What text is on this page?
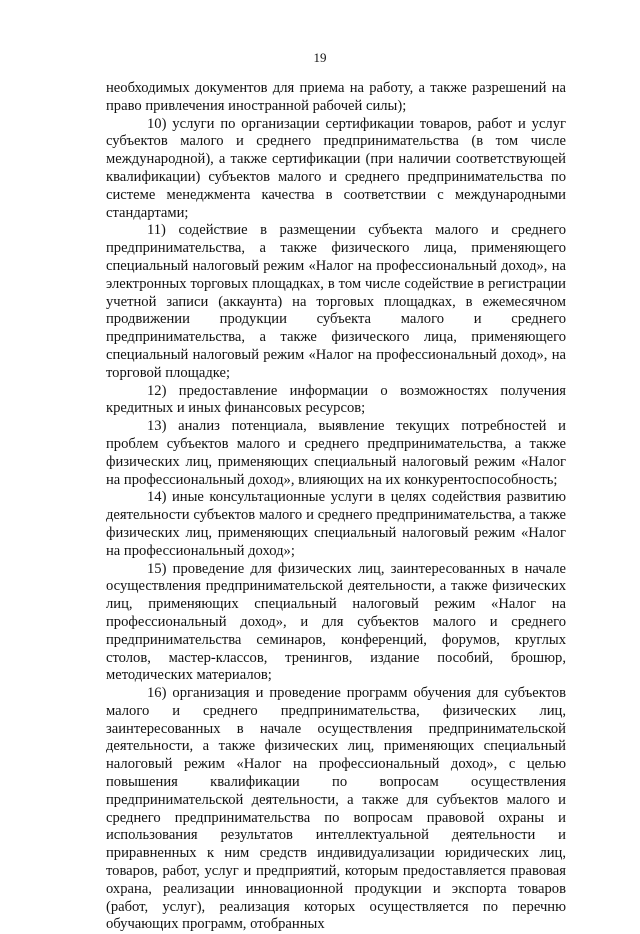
19

необходимых документов для приема на работу, а также разрешений на право привлечения иностранной рабочей силы);

10) услуги по организации сертификации товаров, работ и услуг субъектов малого и среднего предпринимательства (в том числе международной), а также сертификации (при наличии соответствующей квалификации) субъектов малого и среднего предпринимательства по системе менеджмента качества в соответствии с международными стандартами;

11) содействие в размещении субъекта малого и среднего предпринимательства, а также физического лица, применяющего специальный налоговый режим «Налог на профессиональный доход», на электронных торговых площадках, в том числе содействие в регистрации учетной записи (аккаунта) на торговых площадках, в ежемесячном продвижении продукции субъекта малого и среднего предпринимательства, а также физического лица, применяющего специальный налоговый режим «Налог на профессиональный доход», на торговой площадке;

12) предоставление информации о возможностях получения кредитных и иных финансовых ресурсов;

13) анализ потенциала, выявление текущих потребностей и проблем субъектов малого и среднего предпринимательства, а также физических лиц, применяющих специальный налоговый режим «Налог на профессиональный доход», влияющих на их конкурентоспособность;

14) иные консультационные услуги в целях содействия развитию деятельности субъектов малого и среднего предпринимательства, а также физических лиц, применяющих специальный налоговый режим «Налог на профессиональный доход»;

15) проведение для физических лиц, заинтересованных в начале осуществления предпринимательской деятельности, а также физических лиц, применяющих специальный налоговый режим «Налог на профессиональный доход», и для субъектов малого и среднего предпринимательства семинаров, конференций, форумов, круглых столов, мастер-классов, тренингов, издание пособий, брошюр, методических материалов;

16) организация и проведение программ обучения для субъектов малого и среднего предпринимательства, физических лиц, заинтересованных в начале осуществления предпринимательской деятельности, а также физических лиц, применяющих специальный налоговый режим «Налог на профессиональный доход», с целью повышения квалификации по вопросам осуществления предпринимательской деятельности, а также для субъектов малого и среднего предпринимательства по вопросам правовой охраны и использования результатов интеллектуальной деятельности и приравненных к ним средств индивидуализации юридических лиц, товаров, работ, услуг и предприятий, которым предоставляется правовая охрана, реализации инновационной продукции и экспорта товаров (работ, услуг), реализация которых осуществляется по перечню обучающих программ, отобранных
